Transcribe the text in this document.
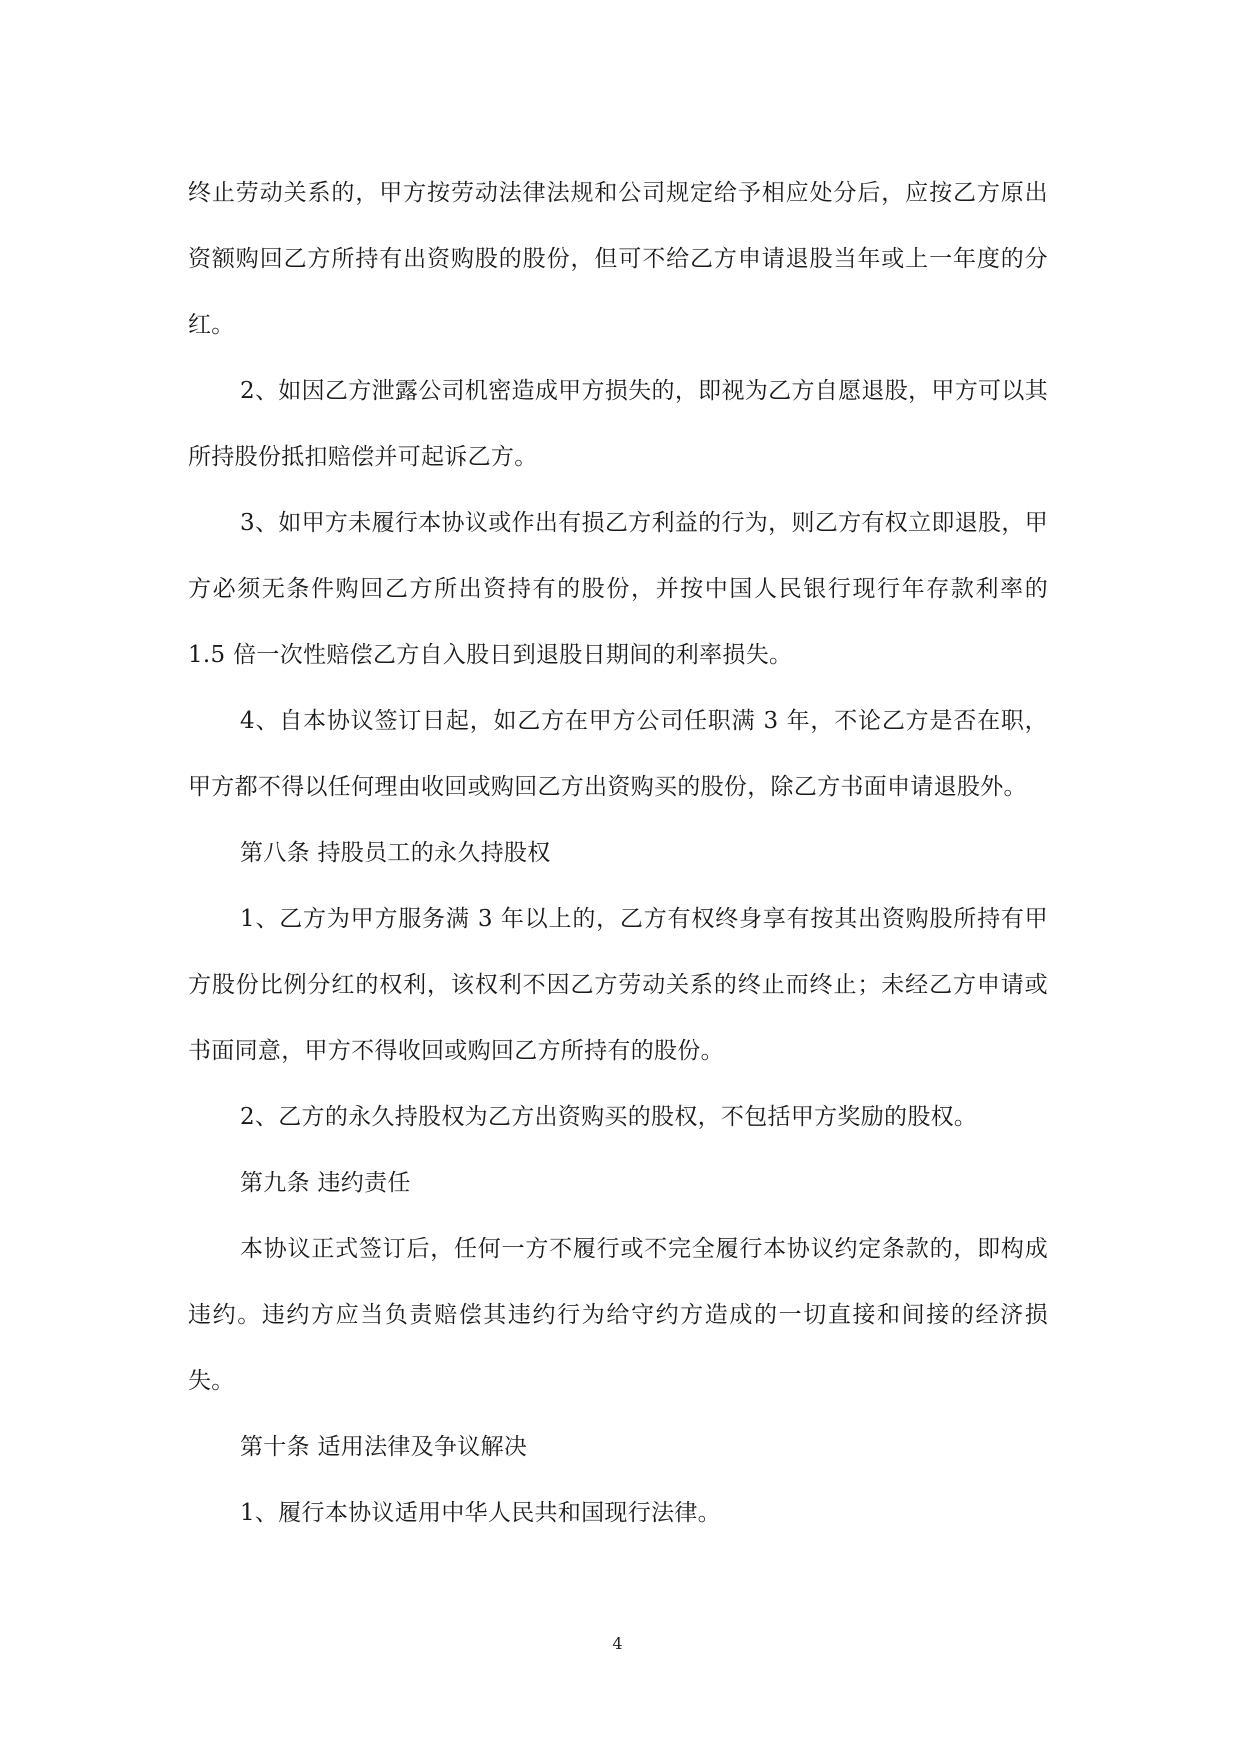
终止劳动关系的，甲方按劳动法律法规和公司规定给予相应处分后，应按乙方原出资额购回乙方所持有出资购股的股份，但可不给乙方申请退股当年或上一年度的分红。

2、如因乙方泄露公司机密造成甲方损失的，即视为乙方自愿退股，甲方可以其所持股份抵扣赔偿并可起诉乙方。

3、如甲方未履行本协议或作出有损乙方利益的行为，则乙方有权立即退股，甲方必须无条件购回乙方所出资持有的股份，并按中国人民银行现行年存款利率的 1.5 倍一次性赔偿乙方自入股日到退股日期间的利率损失。

4、自本协议签订日起，如乙方在甲方公司任职满 3 年，不论乙方是否在职，甲方都不得以任何理由收回或购回乙方出资购买的股份，除乙方书面申请退股外。

第八条 持股员工的永久持股权

1、乙方为甲方服务满 3 年以上的，乙方有权终身享有按其出资购股所持有甲方股份比例分红的权利，该权利不因乙方劳动关系的终止而终止；未经乙方申请或书面同意，甲方不得收回或购回乙方所持有的股份。

2、乙方的永久持股权为乙方出资购买的股权，不包括甲方奖励的股权。

第九条 违约责任

本协议正式签订后，任何一方不履行或不完全履行本协议约定条款的，即构成违约。违约方应当负责赔偿其违约行为给守约方造成的一切直接和间接的经济损失。

第十条 适用法律及争议解决

1、履行本协议适用中华人民共和国现行法律。

4
